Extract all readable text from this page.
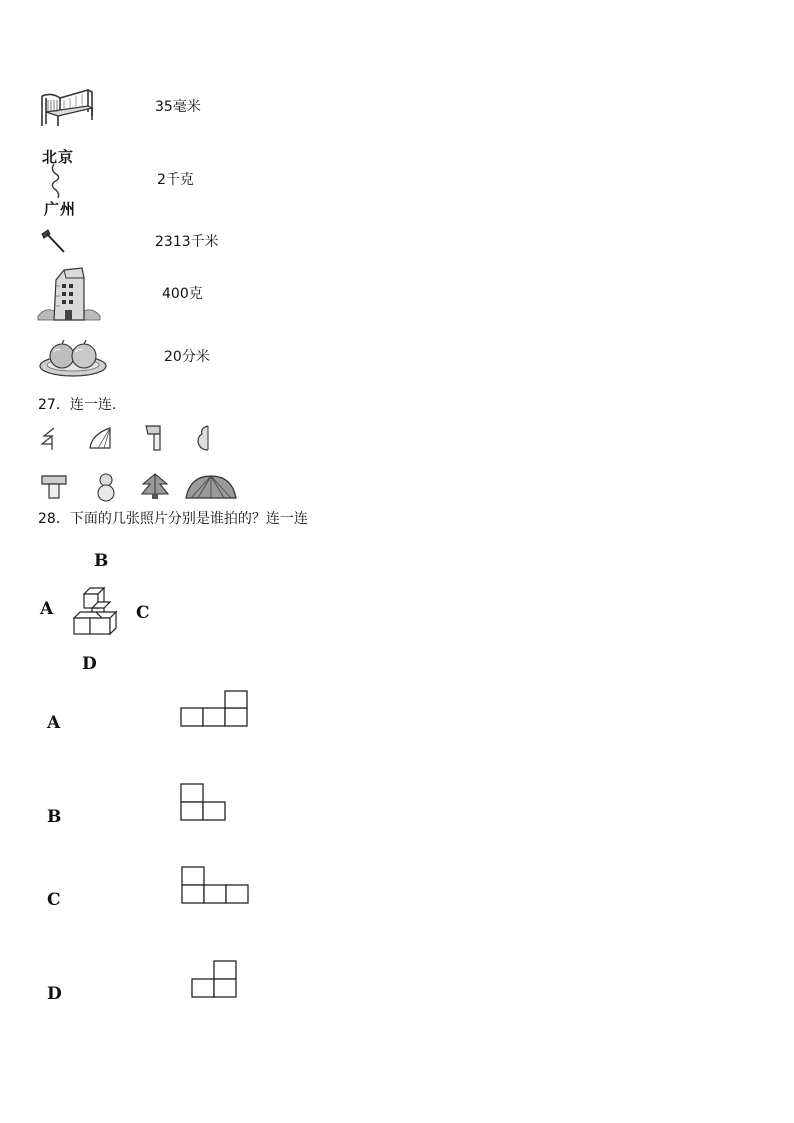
35毫米
北京
广州
2千克
2313千米
400克
20分米
27．连一连.
28．下面的几张照片分别是谁拍的？连一连
B
A	C
D
A
B
C
D
